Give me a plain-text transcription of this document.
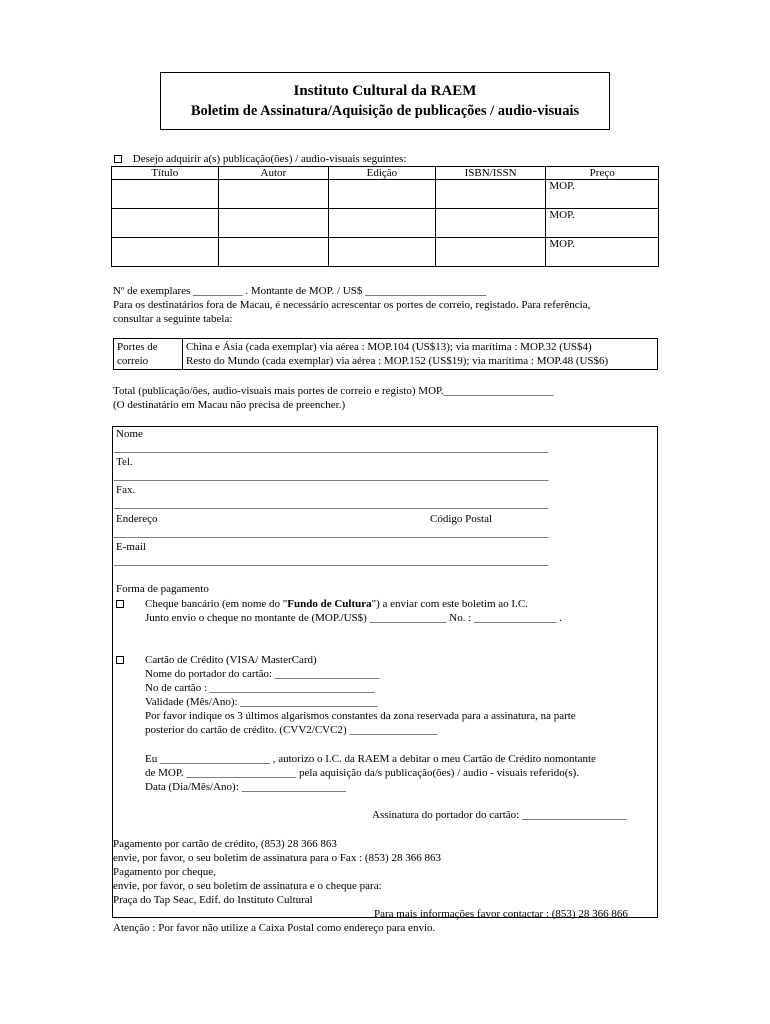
Instituto Cultural da RAEM
Boletim de Assinatura/Aquisição de publicações / audio-visuais
Desejo adquirir a(s) publicação(ões) / audio-visuais seguintes:
Título	Autor	Edição	ISBN/ISSN	Preço
				MOP.
				MOP.
				MOP.
Nº de exemplares _________ . Montante de MOP. / US$ ______________________
Para os destinatários fora de Macau, é necessário acrescentar os portes de correio, registado. Para referência,
consultar a seguinte tabela:
Portes de
correio

China e Ásia (cada exemplar) via aérea : MOP.104 (US$13); via marítima : MOP.32 (US$4)
Resto do Mundo (cada exemplar) via aérea : MOP.152 (US$19); via marítima : MOP.48 (US$6)
Total (publicação/ões, audio-visuais mais portes de correio e registo) MOP.____________________
(O destinatário em Macau não precisa de preencher.)
Nome
_______________________________________________________________________________
Tel.
_______________________________________________________________________________
Fax.
_______________________________________________________________________________
Endereço	Código Postal
_______________________________________________________________________________
E-mail
_______________________________________________________________________________
Forma de pagamento
Cheque bancário (em nome do "Fundo de Cultura") a enviar com este boletim ao I.C.
Junto envio o cheque no montante de (MOP./US$) ______________ No. : _______________ .
Cartão de Crédito (VISA/ MasterCard)
Nome do portador do cartão: ___________________
No de cartão : ______________________________
Validade (Mês/Ano): _________________________
Por favor indique os 3 últimos algarismos constantes da zona reservada para a assinatura, na parte
posterior do cartão de crédito. (CVV2/CVC2) ________________
Eu ____________________ , autorizo o I.C. da RAEM a debitar o meu Cartão de Crédito nomontante
de MOP. ____________________ pela aquisição da/s publicação(ões) / audio - visuais referido(s).
Data (Dia/Mês/Ano): ___________________
Assinatura do portador do cartão: ___________________
Pagamento por cartão de crédito, (853) 28 366 863
envie, por favor, o seu boletim de assinatura para o Fax : (853) 28 366 863
Pagamento por cheque,
envie, por favor, o seu boletim de assinatura e o cheque para:
Praça do Tap Seac, Edif. do Instituto Cultural
Para mais informações favor contactar : (853) 28 366 866
Atenção : Por favor não utilize a Caixa Postal como endereço para envio.
